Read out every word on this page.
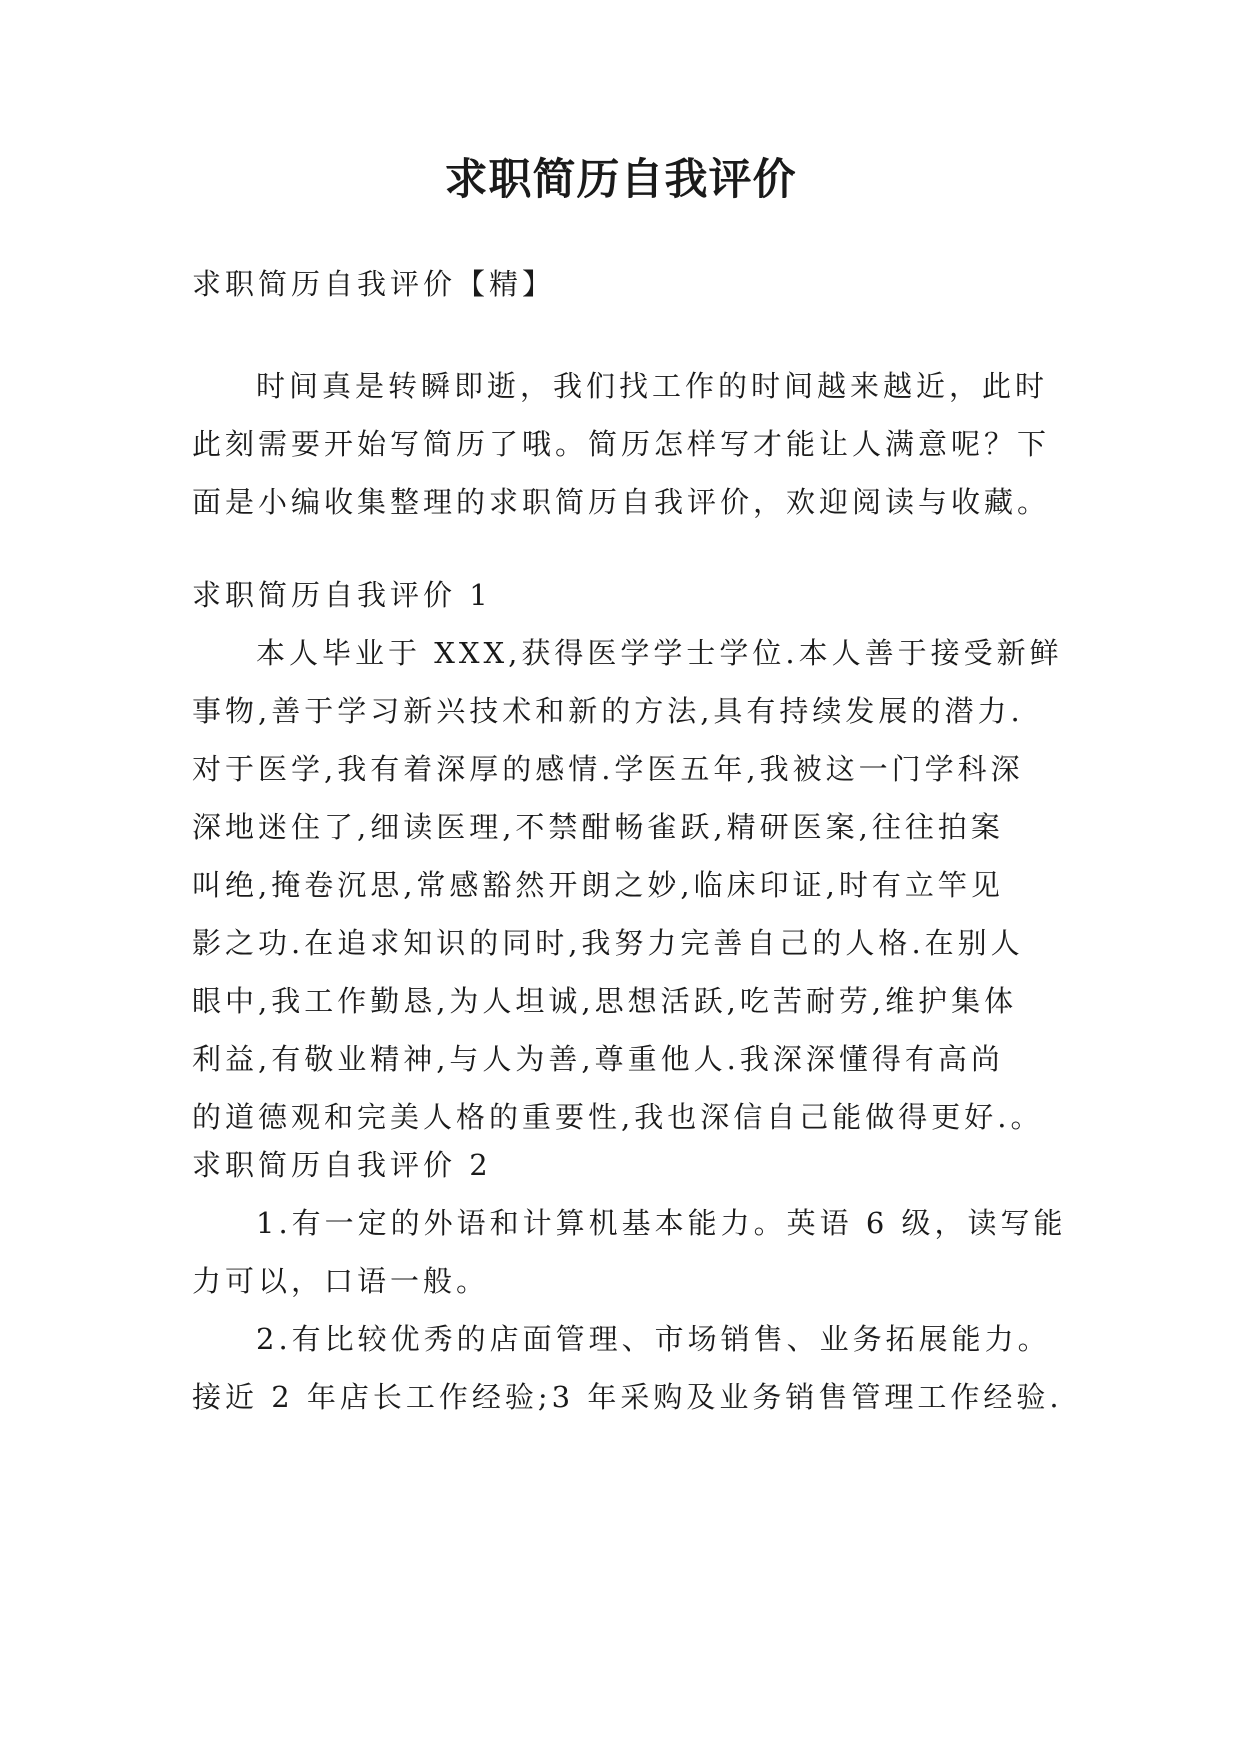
求职简历自我评价
求职简历自我评价【精】
时间真是转瞬即逝，我们找工作的时间越来越近，此时
此刻需要开始写简历了哦。简历怎样写才能让人满意呢？下
面是小编收集整理的求职简历自我评价，欢迎阅读与收藏。
求职简历自我评价 1
本人毕业于 XXX,获得医学学士学位.本人善于接受新鲜
事物,善于学习新兴技术和新的方法,具有持续发展的潜力.
对于医学,我有着深厚的感情.学医五年,我被这一门学科深
深地迷住了,细读医理,不禁酣畅雀跃,精研医案,往往拍案
叫绝,掩卷沉思,常感豁然开朗之妙,临床印证,时有立竿见
影之功.在追求知识的同时,我努力完善自己的人格.在别人
眼中,我工作勤恳,为人坦诚,思想活跃,吃苦耐劳,维护集体
利益,有敬业精神,与人为善,尊重他人.我深深懂得有高尚
的道德观和完美人格的重要性,我也深信自己能做得更好.。
求职简历自我评价 2
1.有一定的外语和计算机基本能力。英语 6 级，读写能
力可以，口语一般。
2.有比较优秀的店面管理、市场销售、业务拓展能力。
接近 2 年店长工作经验;3 年采购及业务销售管理工作经验.
